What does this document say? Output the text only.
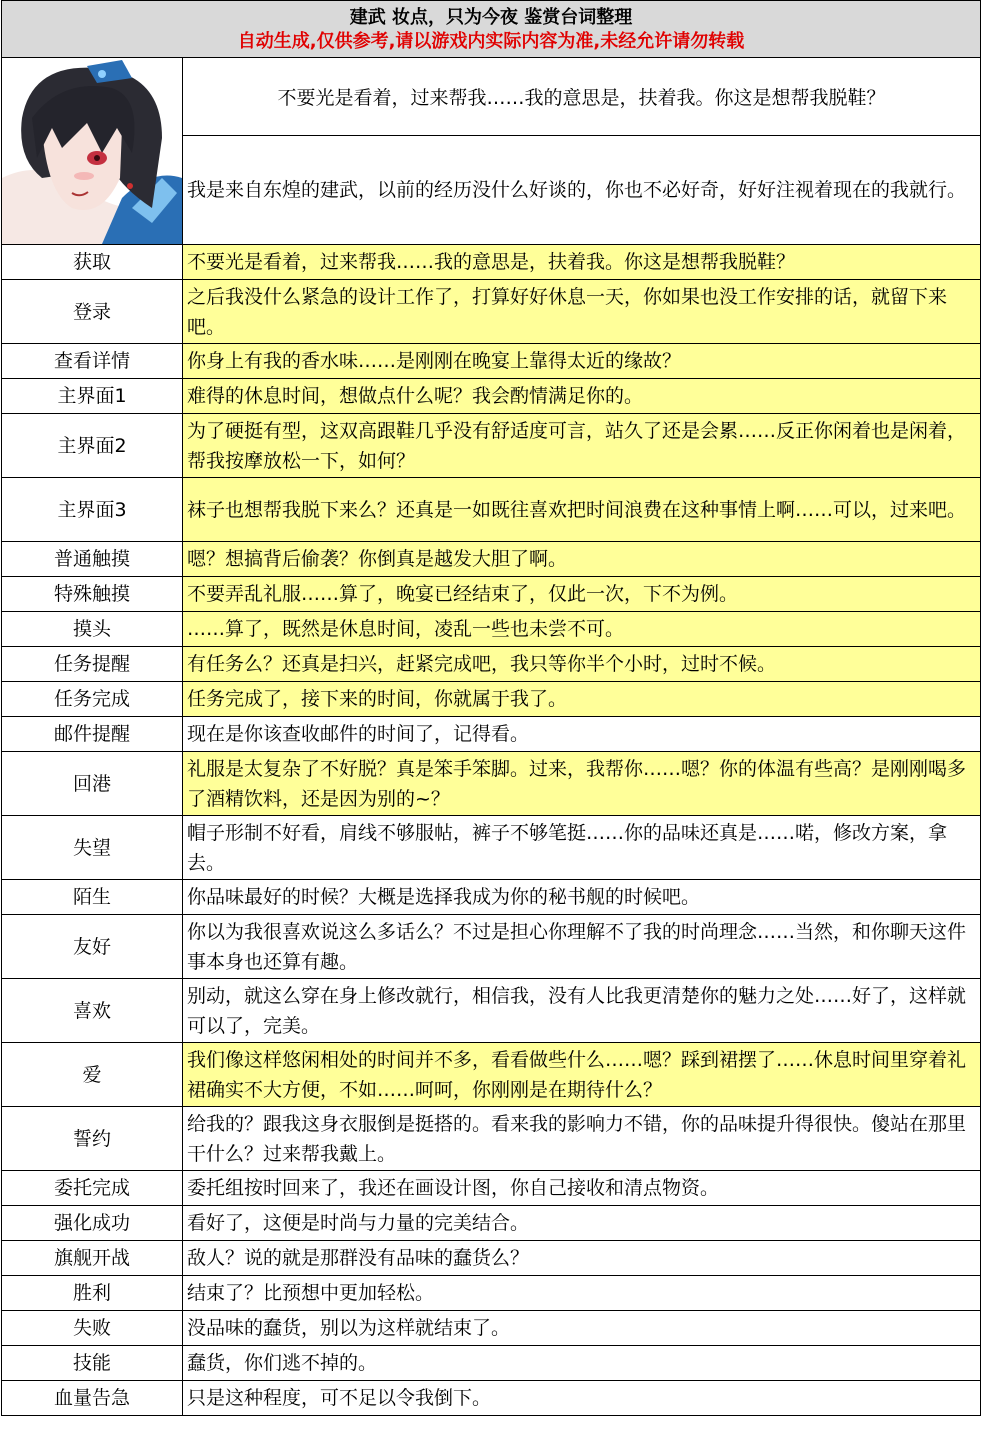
建武 妆点，只为今夜 鉴赏台词整理
自动生成,仅供参考,请以游戏内实际内容为准,未经允许请勿转载
不要光是看着，过来帮我……我的意思是，扶着我。你这是想帮我脱鞋？
我是来自东煌的建武，以前的经历没什么好谈的，你也不必好奇，好好注视着现在的我就行。
获取	不要光是看着，过来帮我……我的意思是，扶着我。你这是想帮我脱鞋？
登录	之后我没什么紧急的设计工作了，打算好好休息一天，你如果也没工作安排的话，就留下来吧。
查看详情	你身上有我的香水味……是刚刚在晚宴上靠得太近的缘故？
主界面1	难得的休息时间，想做点什么呢？我会酌情满足你的。
主界面2	为了硬挺有型，这双高跟鞋几乎没有舒适度可言，站久了还是会累……反正你闲着也是闲着，帮我按摩放松一下，如何？
主界面3	袜子也想帮我脱下来么？还真是一如既往喜欢把时间浪费在这种事情上啊……可以，过来吧。
普通触摸	嗯？想搞背后偷袭？你倒真是越发大胆了啊。
特殊触摸	不要弄乱礼服……算了，晚宴已经结束了，仅此一次，下不为例。
摸头	……算了，既然是休息时间，凌乱一些也未尝不可。
任务提醒	有任务么？还真是扫兴，赶紧完成吧，我只等你半个小时，过时不候。
任务完成	任务完成了，接下来的时间，你就属于我了。
邮件提醒	现在是你该查收邮件的时间了，记得看。
回港	礼服是太复杂了不好脱？真是笨手笨脚。过来，我帮你……嗯？你的体温有些高？是刚刚喝多了酒精饮料，还是因为别的~？
失望	帽子形制不好看，肩线不够服帖，裤子不够笔挺……你的品味还真是……喏，修改方案，拿去。
陌生	你品味最好的时候？大概是选择我成为你的秘书舰的时候吧。
友好	你以为我很喜欢说这么多话么？不过是担心你理解不了我的时尚理念……当然，和你聊天这件事本身也还算有趣。
喜欢	别动，就这么穿在身上修改就行，相信我，没有人比我更清楚你的魅力之处……好了，这样就可以了，完美。
爱	我们像这样悠闲相处的时间并不多，看看做些什么……嗯？踩到裙摆了……休息时间里穿着礼裙确实不大方便，不如……呵呵，你刚刚是在期待什么？
誓约	给我的？跟我这身衣服倒是挺搭的。看来我的影响力不错，你的品味提升得很快。傻站在那里干什么？过来帮我戴上。
委托完成	委托组按时回来了，我还在画设计图，你自己接收和清点物资。
强化成功	看好了，这便是时尚与力量的完美结合。
旗舰开战	敌人？说的就是那群没有品味的蠢货么？
胜利	结束了？比预想中更加轻松。
失败	没品味的蠢货，别以为这样就结束了。
技能	蠢货，你们逃不掉的。
血量告急	只是这种程度，可不足以令我倒下。
